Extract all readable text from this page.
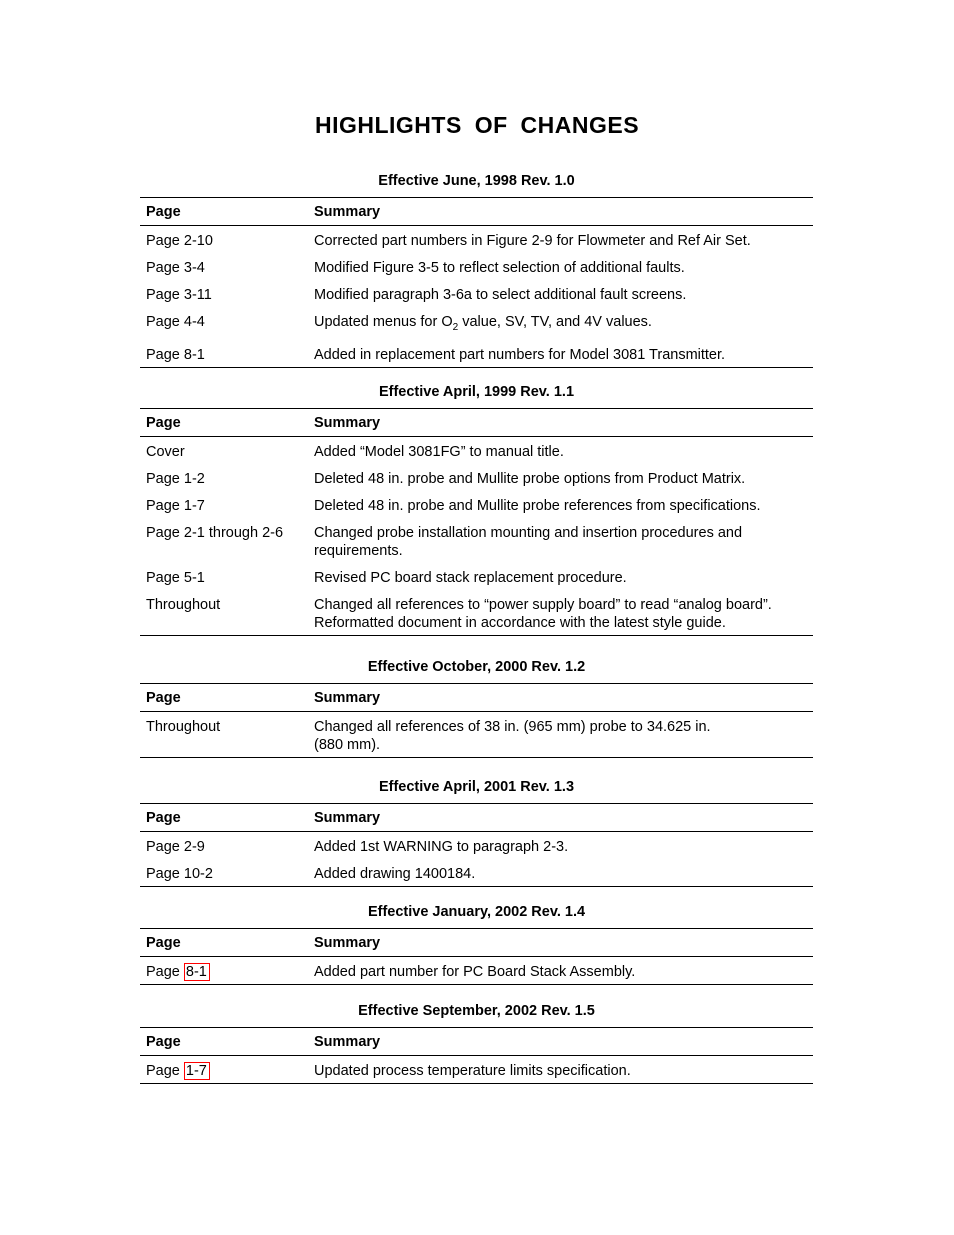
HIGHLIGHTS OF CHANGES
Effective June, 1998 Rev. 1.0
Page	Summary
Page 2-10	Corrected part numbers in Figure 2-9 for Flowmeter and Ref Air Set.
Page 3-4	Modified Figure 3-5 to reflect selection of additional faults.
Page 3-11	Modified paragraph 3-6a to select additional fault screens.
Page 4-4	Updated menus for $O_2$ value, SV, TV, and 4V values.
Page 8-1	Added in replacement part numbers for Model 3081 Transmitter.
Effective April, 1999 Rev. 1.1
Page	Summary
Cover	Added “Model 3081FG” to manual title.
Page 1-2	Deleted 48 in. probe and Mullite probe options from Product Matrix.
Page 1-7	Deleted 48 in. probe and Mullite probe references from specifications.
Page 2-1 through 2-6	Changed probe installation mounting and insertion procedures and
requirements.

Page 5-1	Revised PC board stack replacement procedure.
Throughout	Changed all references to “power supply board” to read “analog board”.
Reformatted document in accordance with the latest style guide.
Effective October, 2000 Rev. 1.2
Page	Summary
Throughout	Changed all references of 38 in. (965 mm) probe to 34.625 in.
(880 mm).
Effective April, 2001 Rev. 1.3
Page	Summary
Page 2-9	Added 1st WARNING to paragraph 2-3.
Page 10-2	Added drawing 1400184.
Effective January, 2002 Rev. 1.4
Page	Summary
Page 8-1	Added part number for PC Board Stack Assembly.
Effective September, 2002 Rev. 1.5
Page	Summary
Page 1-7	Updated process temperature limits specification.
